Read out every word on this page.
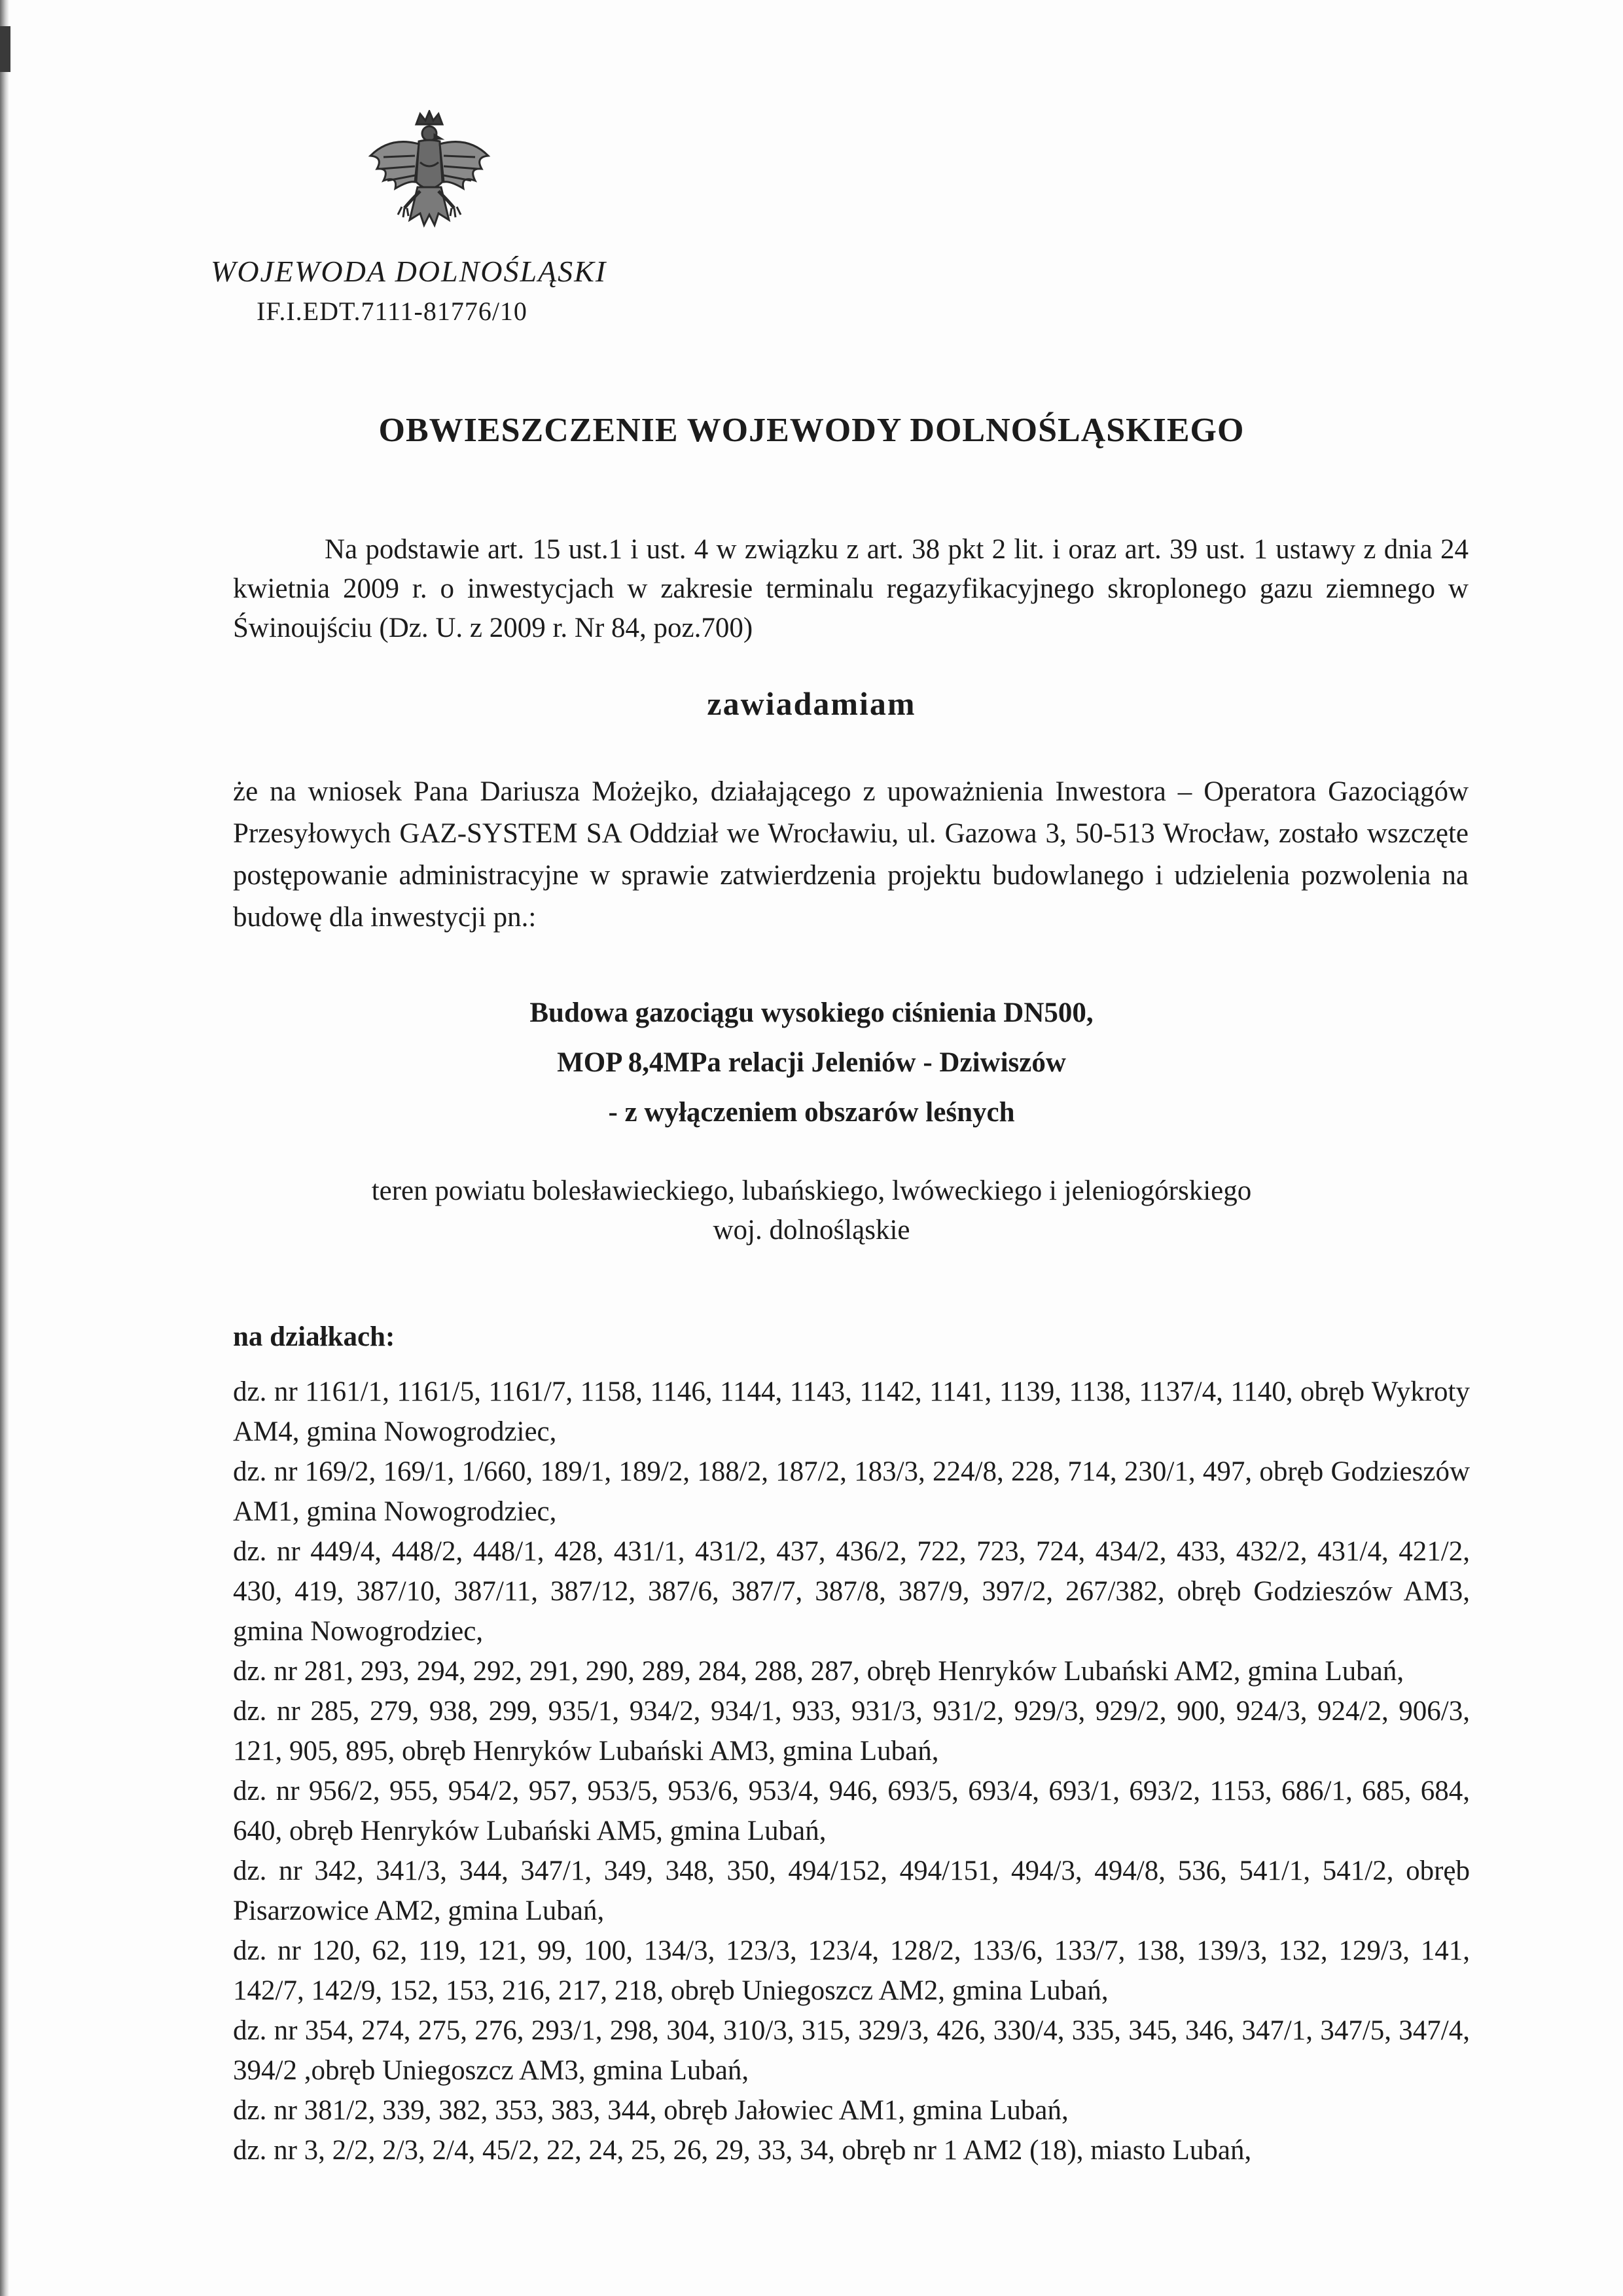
WOJEWODA DOLNOŚLĄSKI
IF.I.EDT.7111-81776/10
OBWIESZCZENIE WOJEWODY DOLNOŚLĄSKIEGO
Na podstawie art. 15 ust.1 i ust. 4 w związku z art. 38 pkt 2 lit. i oraz art. 39 ust. 1 ustawy z dnia 24 kwietnia 2009 r. o inwestycjach w zakresie terminalu regazyfikacyjnego skroplonego gazu ziemnego w Świnoujściu (Dz. U. z 2009 r. Nr 84, poz.700)
zawiadamiam
że na wniosek Pana Dariusza Możejko, działającego z upoważnienia Inwestora – Operatora Gazociągów Przesyłowych GAZ-SYSTEM SA Oddział we Wrocławiu, ul. Gazowa 3, 50-513 Wrocław, zostało wszczęte postępowanie administracyjne w sprawie zatwierdzenia projektu budowlanego i udzielenia pozwolenia na budowę dla inwestycji pn.:
Budowa gazociągu wysokiego ciśnienia DN500,
MOP 8,4MPa relacji Jeleniów - Dziwiszów
- z wyłączeniem obszarów leśnych
teren powiatu bolesławieckiego, lubańskiego, lwóweckiego i jeleniogórskiego
woj. dolnośląskie
na działkach:
dz. nr 1161/1, 1161/5, 1161/7, 1158, 1146, 1144, 1143, 1142, 1141, 1139, 1138, 1137/4, 1140, obręb Wykroty AM4, gmina Nowogrodziec,
dz. nr 169/2, 169/1, 1/660, 189/1, 189/2, 188/2, 187/2, 183/3, 224/8, 228, 714, 230/1, 497, obręb Godzieszów AM1, gmina Nowogrodziec,
dz. nr 449/4, 448/2, 448/1, 428, 431/1, 431/2, 437, 436/2, 722, 723, 724, 434/2, 433, 432/2, 431/4, 421/2, 430, 419, 387/10, 387/11, 387/12, 387/6, 387/7, 387/8, 387/9, 397/2, 267/382, obręb Godzieszów AM3, gmina Nowogrodziec,
dz. nr 281, 293, 294, 292, 291, 290, 289, 284, 288, 287, obręb Henryków Lubański AM2, gmina Lubań,
dz. nr 285, 279, 938, 299, 935/1, 934/2, 934/1, 933, 931/3, 931/2, 929/3, 929/2, 900, 924/3, 924/2, 906/3, 121, 905, 895, obręb Henryków Lubański AM3, gmina Lubań,
dz. nr 956/2, 955, 954/2, 957, 953/5, 953/6, 953/4, 946, 693/5, 693/4, 693/1, 693/2, 1153, 686/1, 685, 684, 640, obręb Henryków Lubański AM5, gmina Lubań,
dz. nr 342, 341/3, 344, 347/1, 349, 348, 350, 494/152, 494/151, 494/3, 494/8, 536, 541/1, 541/2, obręb Pisarzowice AM2, gmina Lubań,
dz. nr 120, 62, 119, 121, 99, 100, 134/3, 123/3, 123/4, 128/2, 133/6, 133/7, 138, 139/3, 132, 129/3, 141, 142/7, 142/9, 152, 153, 216, 217, 218, obręb Uniegoszcz AM2, gmina Lubań,
dz. nr 354, 274, 275, 276, 293/1, 298, 304, 310/3, 315, 329/3, 426, 330/4, 335, 345, 346, 347/1, 347/5, 347/4, 394/2 ,obręb Uniegoszcz AM3, gmina Lubań,
dz. nr 381/2, 339, 382, 353, 383, 344, obręb Jałowiec AM1, gmina Lubań,
dz. nr 3, 2/2, 2/3, 2/4, 45/2, 22, 24, 25, 26, 29, 33, 34, obręb nr 1 AM2 (18), miasto Lubań,
